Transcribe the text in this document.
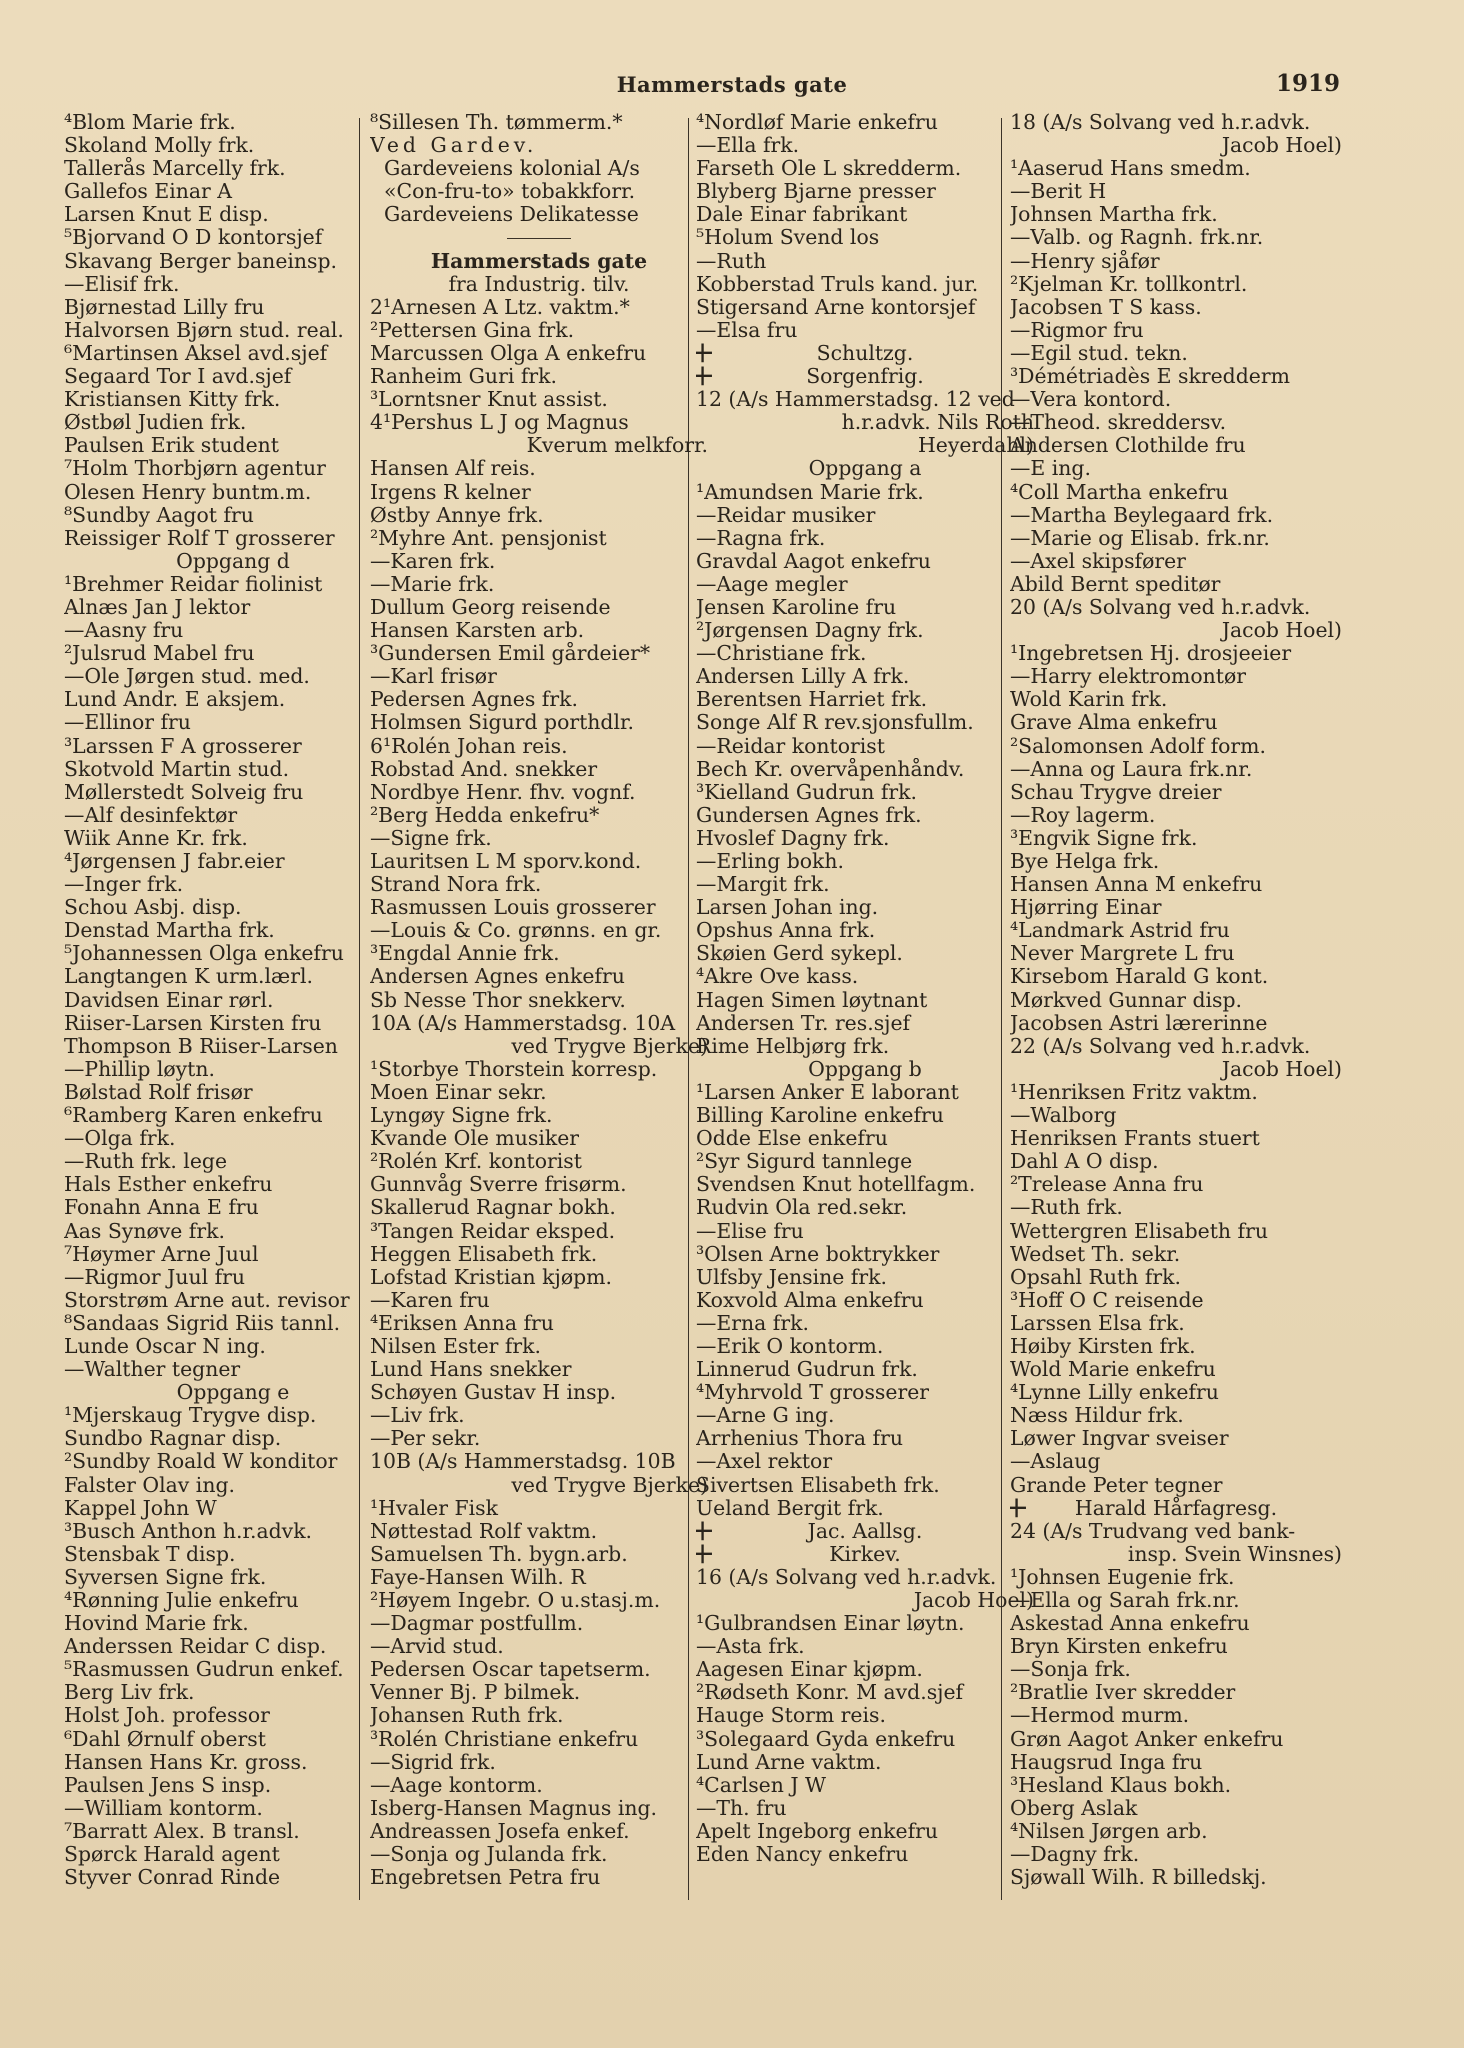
Hammerstads gate	1919
⁴Blom Marie frk.
Skoland Molly frk.
Tallerås Marcelly frk.
Gallefos Einar A
Larsen Knut E disp.
⁵Bjorvand O D kontorsjef
Skavang Berger baneinsp.
—Elisif frk.
Bjørnestad Lilly fru
Halvorsen Bjørn stud. real.
⁶Martinsen Aksel avd.sjef
Segaard Tor I avd.sjef
Kristiansen Kitty frk.
Østbøl Judien frk.
Paulsen Erik student
⁷Holm Thorbjørn agentur
Olesen Henry buntm.m.
⁸Sundby Aagot fru
Reissiger Rolf T grosserer
Oppgang d
¹Brehmer Reidar fiolinist
Alnæs Jan J lektor
—Aasny fru
²Julsrud Mabel fru
—Ole Jørgen stud. med.
Lund Andr. E aksjem.
—Ellinor fru
³Larssen F A grosserer
Skotvold Martin stud.
Møllerstedt Solveig fru
—Alf desinfektør
Wiik Anne Kr. frk.
⁴Jørgensen J fabr.eier
—Inger frk.
Schou Asbj. disp.
Denstad Martha frk.
⁵Johannessen Olga enkefru
Langtangen K urm.lærl.
Davidsen Einar rørl.
Riiser-Larsen Kirsten fru
Thompson B Riiser-Larsen
—Phillip løytn.
Bølstad Rolf frisør
⁶Ramberg Karen enkefru
—Olga frk.
—Ruth frk. lege
Hals Esther enkefru
Fonahn Anna E fru
Aas Synøve frk.
⁷Høymer Arne Juul
—Rigmor Juul fru
Storstrøm Arne aut. revisor
⁸Sandaas Sigrid Riis tannl.
Lunde Oscar N ing.
—Walther tegner
Oppgang e
¹Mjerskaug Trygve disp.
Sundbo Ragnar disp.
²Sundby Roald W konditor
Falster Olav ing.
Kappel John W
³Busch Anthon h.r.advk.
Stensbak T disp.
Syversen Signe frk.
⁴Rønning Julie enkefru
Hovind Marie frk.
Anderssen Reidar C disp.
⁵Rasmussen Gudrun enkef.
Berg Liv frk.
Holst Joh. professor
⁶Dahl Ørnulf oberst
Hansen Hans Kr. gross.
Paulsen Jens S insp.
—William kontorm.
⁷Barratt Alex. B transl.
Spørck Harald agent
Styver Conrad Rinde
⁸Sillesen Th. tømmerm.*
Ved Gardev.
Gardeveiens kolonial A/s
«Con-fru-to» tobakkforr.
Gardeveiens Delikatesse
Hammerstads gate
fra Industrig. tilv.
2¹Arnesen A Ltz. vaktm.*
²Pettersen Gina frk.
Marcussen Olga A enkefru
Ranheim Guri frk.
³Lorntsner Knut assist.
4¹Pershus L J og Magnus
Kverum melkforr.
Hansen Alf reis.
Irgens R kelner
Østby Annye frk.
²Myhre Ant. pensjonist
—Karen frk.
—Marie frk.
Dullum Georg reisende
Hansen Karsten arb.
³Gundersen Emil gårdeier*
—Karl frisør
Pedersen Agnes frk.
Holmsen Sigurd porthdlr.
6¹Rolén Johan reis.
Robstad And. snekker
Nordbye Henr. fhv. vognf.
²Berg Hedda enkefru*
—Signe frk.
Lauritsen L M sporv.kond.
Strand Nora frk.
Rasmussen Louis grosserer
—Louis & Co. grønns. en gr.
³Engdal Annie frk.
Andersen Agnes enkefru
Sb Nesse Thor snekkerv.
10A (A/s Hammerstadsg. 10A
ved Trygve Bjerke)
¹Storbye Thorstein korresp.
Moen Einar sekr.
Lyngøy Signe frk.
Kvande Ole musiker
²Rolén Krf. kontorist
Gunnvåg Sverre frisørm.
Skallerud Ragnar bokh.
³Tangen Reidar eksped.
Heggen Elisabeth frk.
Lofstad Kristian kjøpm.
—Karen fru
⁴Eriksen Anna fru
Nilsen Ester frk.
Lund Hans snekker
Schøyen Gustav H insp.
—Liv frk.
—Per sekr.
10B (A/s Hammerstadsg. 10B
ved Trygve Bjerke)
¹Hvaler Fisk
Nøttestad Rolf vaktm.
Samuelsen Th. bygn.arb.
Faye-Hansen Wilh. R
²Høyem Ingebr. O u.stasj.m.
—Dagmar postfullm.
—Arvid stud.
Pedersen Oscar tapetserm.
Venner Bj. P bilmek.
Johansen Ruth frk.
³Rolén Christiane enkefru
—Sigrid frk.
—Aage kontorm.
Isberg-Hansen Magnus ing.
Andreassen Josefa enkef.
—Sonja og Julanda frk.
Engebretsen Petra fru
⁴Nordløf Marie enkefru
—Ella frk.
Farseth Ole L skredderm.
Blyberg Bjarne presser
Dale Einar fabrikant
⁵Holum Svend los
—Ruth
Kobberstad Truls kand. jur.
Stigersand Arne kontorsjef
—Elsa fru
+ Schultzg.
+ Sorgenfrig.
12 (A/s Hammerstadsg. 12 ved
h.r.advk. Nils Roth
Heyerdahl)
Oppgang a
¹Amundsen Marie frk.
—Reidar musiker
—Ragna frk.
Gravdal Aagot enkefru
—Aage megler
Jensen Karoline fru
²Jørgensen Dagny frk.
—Christiane frk.
Andersen Lilly A frk.
Berentsen Harriet frk.
Songe Alf R rev.sjonsfullm.
—Reidar kontorist
Bech Kr. overvåpenhåndv.
³Kielland Gudrun frk.
Gundersen Agnes frk.
Hvoslef Dagny frk.
—Erling bokh.
—Margit frk.
Larsen Johan ing.
Opshus Anna frk.
Skøien Gerd sykepl.
⁴Akre Ove kass.
Hagen Simen løytnant
Andersen Tr. res.sjef
Rime Helbjørg frk.
Oppgang b
¹Larsen Anker E laborant
Billing Karoline enkefru
Odde Else enkefru
²Syr Sigurd tannlege
Svendsen Knut hotellfagm.
Rudvin Ola red.sekr.
—Elise fru
³Olsen Arne boktrykker
Ulfsby Jensine frk.
Koxvold Alma enkefru
—Erna frk.
—Erik O kontorm.
Linnerud Gudrun frk.
⁴Myhrvold T grosserer
—Arne G ing.
Arrhenius Thora fru
—Axel rektor
Sivertsen Elisabeth frk.
Ueland Bergit frk.
+ Jac. Aallsg.
+ Kirkev.
16 (A/s Solvang ved h.r.advk.
Jacob Hoel)
¹Gulbrandsen Einar løytn.
—Asta frk.
Aagesen Einar kjøpm.
²Rødseth Konr. M avd.sjef
Hauge Storm reis.
³Solegaard Gyda enkefru
Lund Arne vaktm.
⁴Carlsen J W
—Th. fru
Apelt Ingeborg enkefru
Eden Nancy enkefru
18 (A/s Solvang ved h.r.advk.
Jacob Hoel)
¹Aaserud Hans smedm.
—Berit H
Johnsen Martha frk.
—Valb. og Ragnh. frk.nr.
—Henry sjåfør
²Kjelman Kr. tollkontrl.
Jacobsen T S kass.
—Rigmor fru
—Egil stud. tekn.
³Démétriadès E skredderm
—Vera kontord.
—Theod. skreddersv.
Andersen Clothilde fru
—E ing.
⁴Coll Martha enkefru
—Martha Beylegaard frk.
—Marie og Elisab. frk.nr.
—Axel skipsfører
Abild Bernt speditør
20 (A/s Solvang ved h.r.advk.
Jacob Hoel)
¹Ingebretsen Hj. drosjeeier
—Harry elektromontør
Wold Karin frk.
Grave Alma enkefru
²Salomonsen Adolf form.
—Anna og Laura frk.nr.
Schau Trygve dreier
—Roy lagerm.
³Engvik Signe frk.
Bye Helga frk.
Hansen Anna M enkefru
Hjørring Einar
⁴Landmark Astrid fru
Never Margrete L fru
Kirsebom Harald G kont.
Mørkved Gunnar disp.
Jacobsen Astri lærerinne
22 (A/s Solvang ved h.r.advk.
Jacob Hoel)
¹Henriksen Fritz vaktm.
—Walborg
Henriksen Frants stuert
Dahl A O disp.
²Trelease Anna fru
—Ruth frk.
Wettergren Elisabeth fru
Wedset Th. sekr.
Opsahl Ruth frk.
³Hoff O C reisende
Larssen Elsa frk.
Høiby Kirsten frk.
Wold Marie enkefru
⁴Lynne Lilly enkefru
Næss Hildur frk.
Løwer Ingvar sveiser
—Aslaug
Grande Peter tegner
+ Harald Hårfagresg.
24 (A/s Trudvang ved bank-
insp. Svein Winsnes)
¹Johnsen Eugenie frk.
—Ella og Sarah frk.nr.
Askestad Anna enkefru
Bryn Kirsten enkefru
—Sonja frk.
²Bratlie Iver skredder
—Hermod murm.
Grøn Aagot Anker enkefru
Haugsrud Inga fru
³Hesland Klaus bokh.
Oberg Aslak
⁴Nilsen Jørgen arb.
—Dagny frk.
Sjøwall Wilh. R billedskj.
